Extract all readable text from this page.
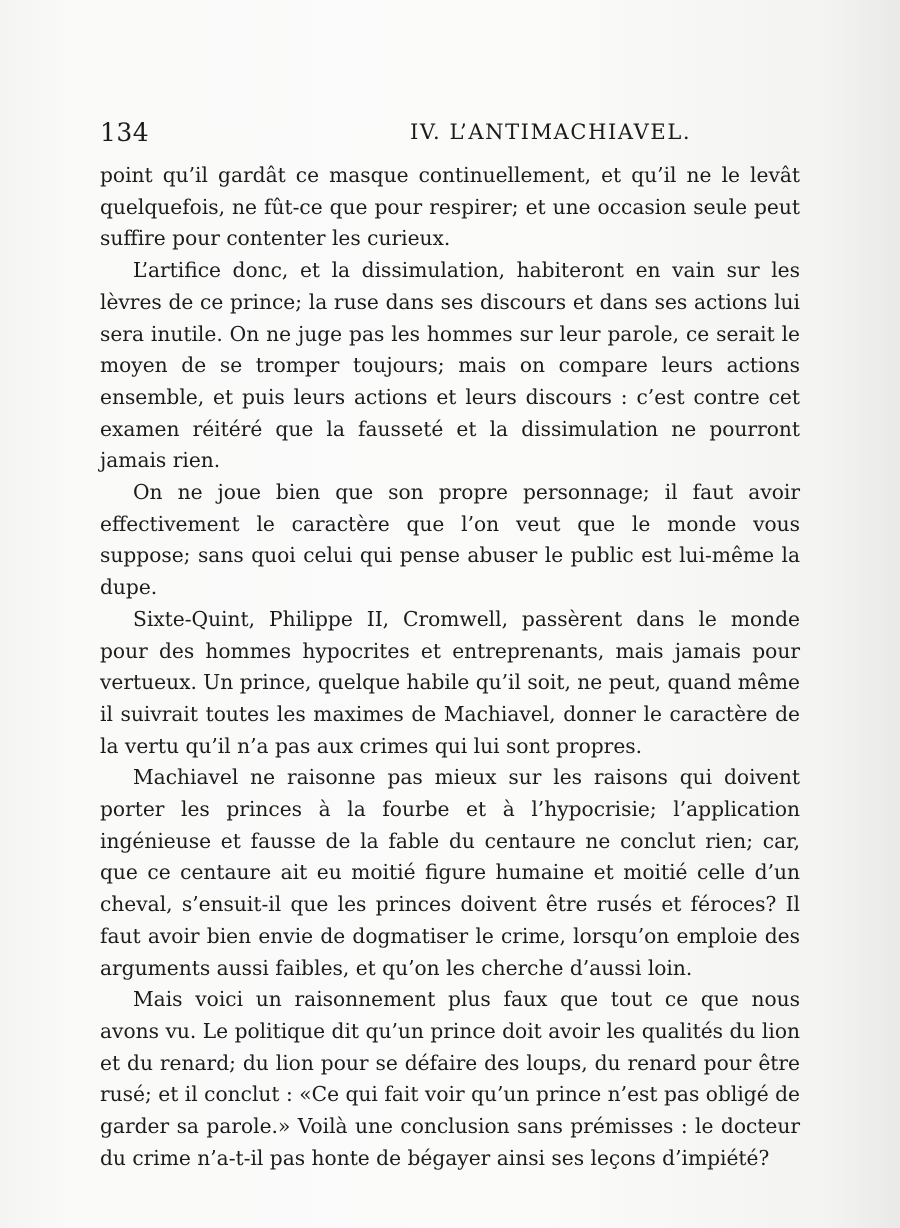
134	IV. L’ANTIMACHIAVEL.

point qu’il gardât ce masque continuellement, et qu’il ne le levât quelquefois, ne fût-ce que pour respirer; et une occasion seule peut suffire pour contenter les curieux.

L’artifice donc, et la dissimulation, habiteront en vain sur les lèvres de ce prince; la ruse dans ses discours et dans ses actions lui sera inutile. On ne juge pas les hommes sur leur parole, ce serait le moyen de se tromper toujours; mais on compare leurs actions ensemble, et puis leurs actions et leurs discours : c’est contre cet examen réitéré que la fausseté et la dissimulation ne pourront jamais rien.

On ne joue bien que son propre personnage; il faut avoir effectivement le caractère que l’on veut que le monde vous suppose; sans quoi celui qui pense abuser le public est lui-même la dupe.

Sixte-Quint, Philippe II, Cromwell, passèrent dans le monde pour des hommes hypocrites et entreprenants, mais jamais pour vertueux. Un prince, quelque habile qu’il soit, ne peut, quand même il suivrait toutes les maximes de Machiavel, donner le caractère de la vertu qu’il n’a pas aux crimes qui lui sont propres.

Machiavel ne raisonne pas mieux sur les raisons qui doivent porter les princes à la fourbe et à l’hypocrisie; l’application ingénieuse et fausse de la fable du centaure ne conclut rien; car, que ce centaure ait eu moitié figure humaine et moitié celle d’un cheval, s’ensuit-il que les princes doivent être rusés et féroces? Il faut avoir bien envie de dogmatiser le crime, lorsqu’on emploie des arguments aussi faibles, et qu’on les cherche d’aussi loin.

Mais voici un raisonnement plus faux que tout ce que nous avons vu. Le politique dit qu’un prince doit avoir les qualités du lion et du renard; du lion pour se défaire des loups, du renard pour être rusé; et il conclut : «Ce qui fait voir qu’un prince n’est pas obligé de garder sa parole.» Voilà une conclusion sans prémisses : le docteur du crime n’a-t-il pas honte de bégayer ainsi ses leçons d’impiété?
